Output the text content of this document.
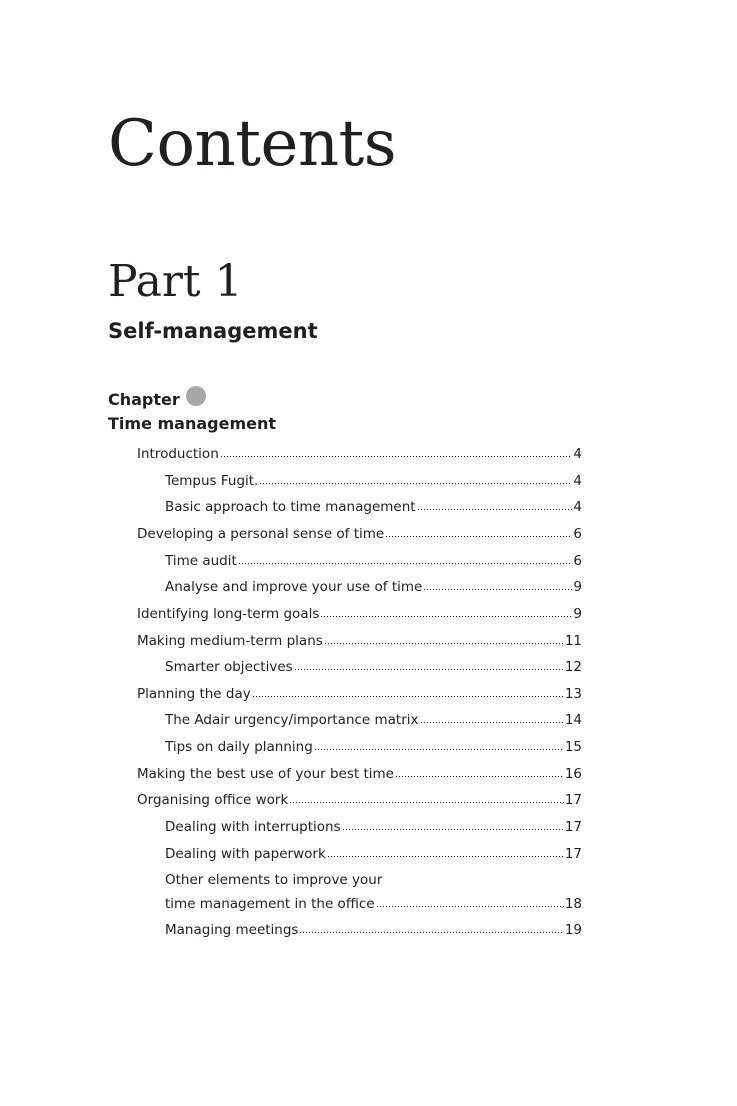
Contents
Part 1
Self-management
Chapter
Time management
Introduction	4
Tempus Fugit.	4
Basic approach to time management	4
Developing a personal sense of time	6
Time audit	6
Analyse and improve your use of time	9
Identifying long-term goals	9
Making medium-term plans	11
Smarter objectives	12
Planning the day	13
The Adair urgency/importance matrix	14
Tips on daily planning	15
Making the best use of your best time	16
Organising office work	17
Dealing with interruptions	17
Dealing with paperwork	17
Other elements to improve your
time management in the office	18
Managing meetings	19
